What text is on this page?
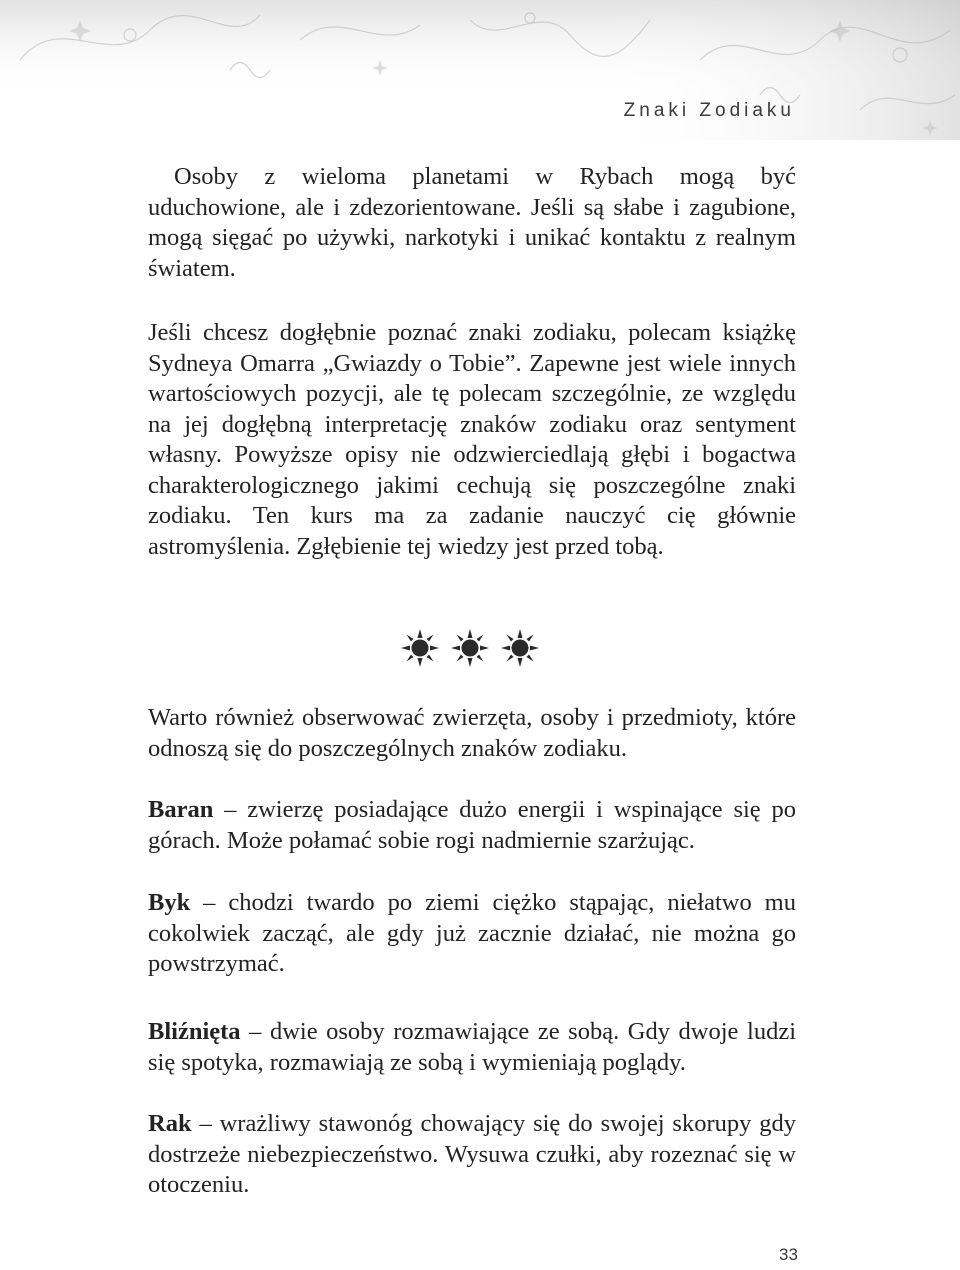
Znaki Zodiaku

Osoby z wieloma planetami w Rybach mogą być uduchowione, ale i zdezorientowane. Jeśli są słabe i zagubione, mogą sięgać po używki, narkotyki i unikać kontaktu z realnym światem.

Jeśli chcesz dogłębnie poznać znaki zodiaku, polecam książkę Sydneya Omarra „Gwiazdy o Tobie”. Zapewne jest wiele innych wartościowych pozycji, ale tę polecam szczególnie, ze względu na jej dogłębną interpretację znaków zodiaku oraz sentyment własny. Powyższe opisy nie odzwierciedlają głębi i bogactwa charakterologicznego jakimi cechują się poszczególne znaki zodiaku. Ten kurs ma za zadanie nauczyć cię głównie astromyślenia. Zgłębienie tej wiedzy jest przed tobą.

Warto również obserwować zwierzęta, osoby i przedmioty, które odnoszą się do poszczególnych znaków zodiaku.

Baran – zwierzę posiadające dużo energii i wspinające się po górach. Może połamać sobie rogi nadmiernie szarżując.

Byk – chodzi twardo po ziemi ciężko stąpając, niełatwo mu cokolwiek zacząć, ale gdy już zacznie działać, nie można go powstrzymać.

Bliźnięta – dwie osoby rozmawiające ze sobą. Gdy dwoje ludzi się spotyka, rozmawiają ze sobą i wymieniają poglądy.

Rak – wrażliwy stawonóg chowający się do swojej skorupy gdy dostrzeże niebezpieczeństwo. Wysuwa czułki, aby rozeznać się w otoczeniu.

33
